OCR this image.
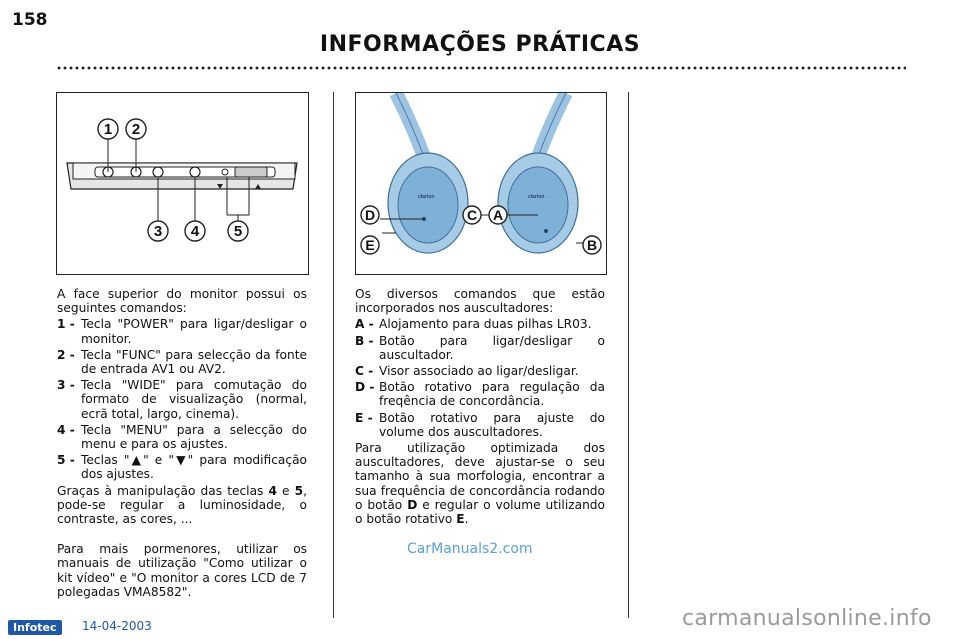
158
INFORMAÇÕES PRÁTICAS
1 2
3 4 5
clarion	clarion
D
E
C A
B

A face superior do monitor possui os seguintes comandos:

1 - Tecla "POWER" para ligar/desligar o monitor.
2 - Tecla "FUNC" para selecção da fonte de entrada AV1 ou AV2.
3 - Tecla "WIDE" para comutação do formato de visualização (normal, ecrã total, largo, cinema).
4 - Tecla "MENU" para a selecção do menu e para os ajustes.
5 - Teclas "▲" e "▼" para modificação dos ajustes.

Graças à manipulação das teclas 4 e 5, pode-se regular a luminosidade, o contraste, as cores, ...

Para mais pormenores, utilizar os manuais de utilização "Como utilizar o kit vídeo" e "O monitor a cores LCD de 7 polegadas VMA8582".

Os diversos comandos que estão incorporados nos auscultadores:

A - Alojamento para duas pilhas LR03.
B - Botão para ligar/desligar o auscultador.
C - Visor associado ao ligar/desligar.
D - Botão rotativo para regulação da freqência de concordância.
E - Botão rotativo para ajuste do volume dos auscultadores.

Para utilização optimizada dos auscultadores, deve ajustar-se o seu tamanho à sua morfologia, encontrar a sua frequência de concordância rodando o botão D e regular o volume utilizando o botão rotativo E.

CarManuals2.com
Infotec	14-04-2003	carmanualsonline.info
